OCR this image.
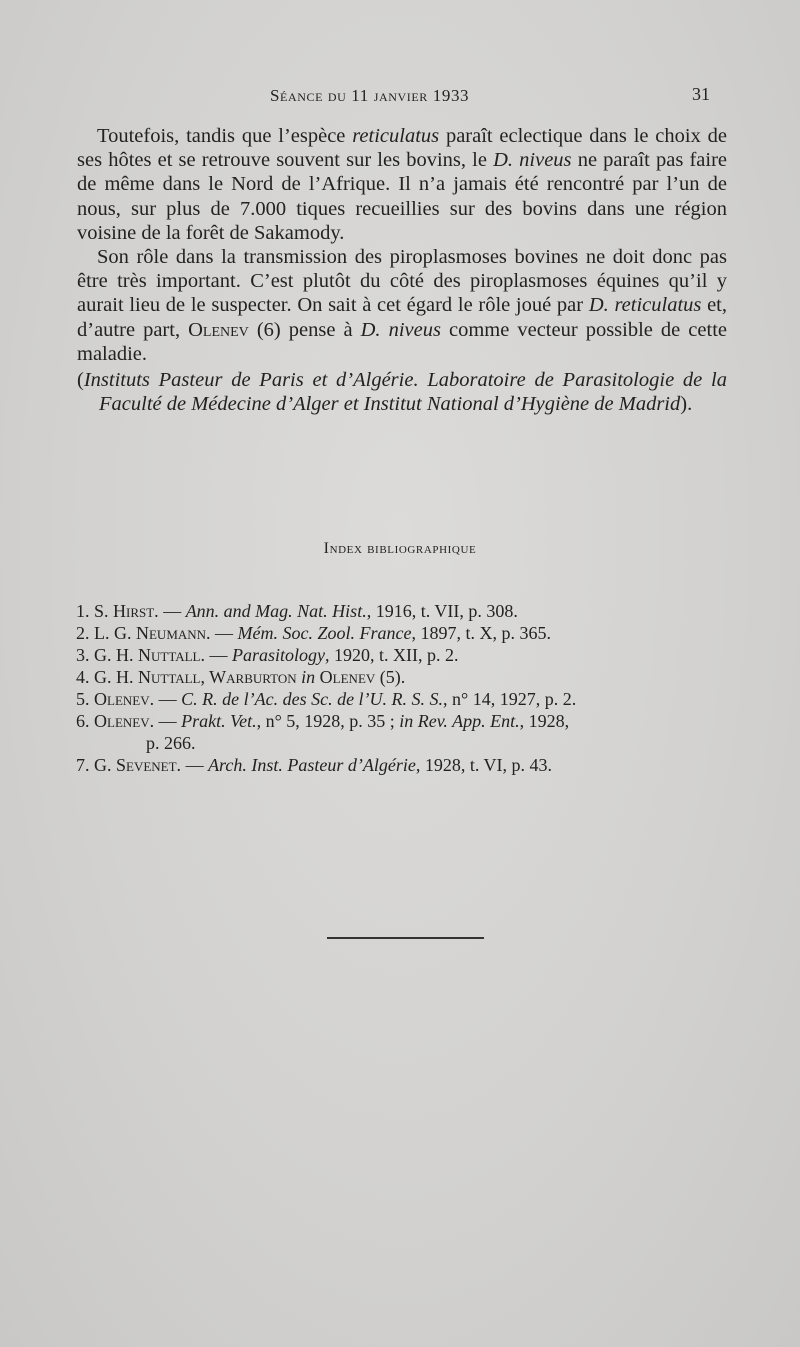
Séance du 11 janvier 1933	31

Toutefois, tandis que l’espèce reticulatus paraît eclectique dans le choix de ses hôtes et se retrouve souvent sur les bovins, le D. niveus ne paraît pas faire de même dans le Nord de l’Afrique. Il n’a jamais été rencontré par l’un de nous, sur plus de 7.000 tiques recueillies sur des bovins dans une région voisine de la forêt de Sakamody.

Son rôle dans la transmission des piroplasmoses bovines ne doit donc pas être très important. C’est plutôt du côté des piroplasmoses équines qu’il y aurait lieu de le suspecter. On sait à cet égard le rôle joué par D. reticulatus et, d’autre part, Olenev (6) pense à D. niveus comme vecteur possible de cette maladie.

(Instituts Pasteur de Paris et d’Algérie. Laboratoire de Parasitologie de la Faculté de Médecine d’Alger et Institut National d’Hygiène de Madrid).

Index bibliographique
1. S. Hirst. — Ann. and Mag. Nat. Hist., 1916, t. VII, p. 308.
2. L. G. Neumann. — Mém. Soc. Zool. France, 1897, t. X, p. 365.
3. G. H. Nuttall. — Parasitology, 1920, t. XII, p. 2.
4. G. H. Nuttall, Warburton in Olenev (5).
5. Olenev. — C. R. de l’Ac. des Sc. de l’U. R. S. S., n° 14, 1927, p. 2.
6. Olenev. — Prakt. Vet., n° 5, 1928, p. 35 ; in Rev. App. Ent., 1928,
p. 266.
7. G. Sevenet. — Arch. Inst. Pasteur d’Algérie, 1928, t. VI, p. 43.
